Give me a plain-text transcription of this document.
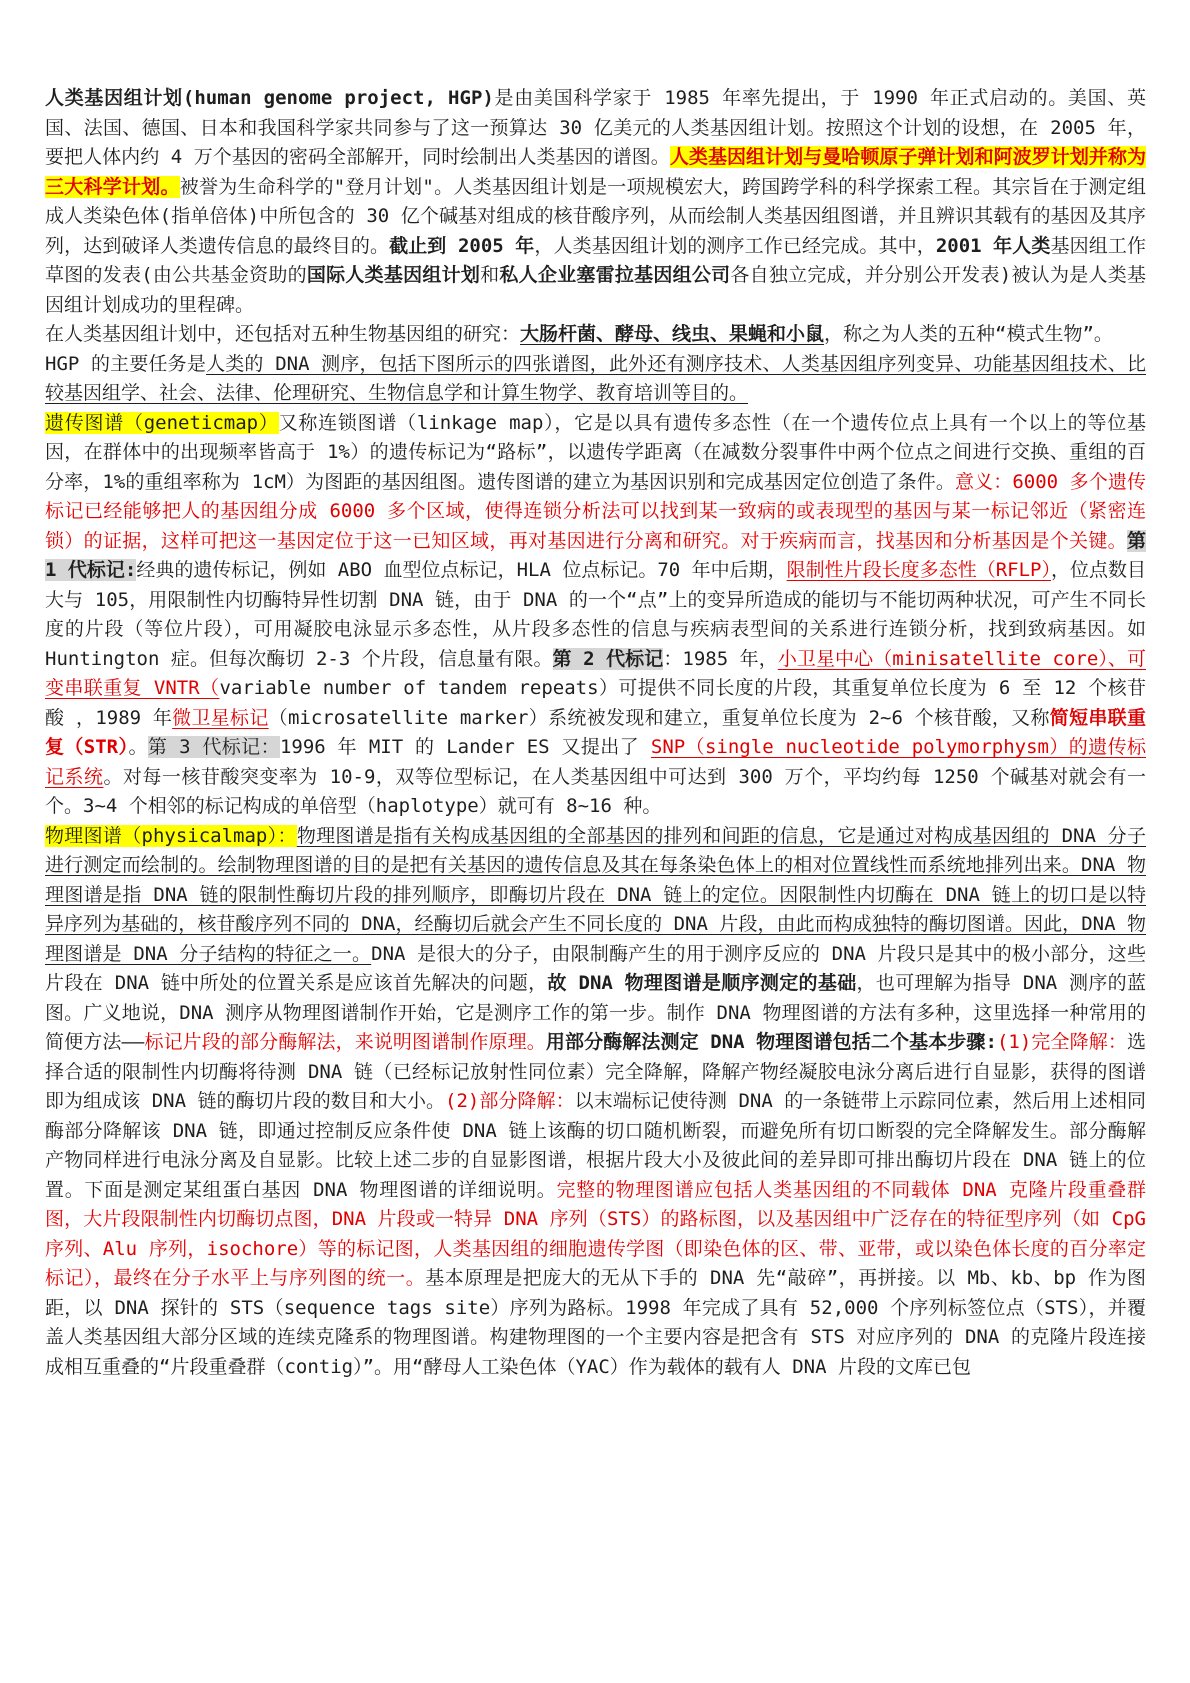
人类基因组计划(human genome project, HGP)是由美国科学家于 1985 年率先提出，于 1990 年正式启动的。美国、英国、法国、德国、日本和我国科学家共同参与了这一预算达 30 亿美元的人类基因组计划。按照这个计划的设想，在 2005 年，要把人体内约 4 万个基因的密码全部解开，同时绘制出人类基因的谱图。人类基因组计划与曼哈顿原子弹计划和阿波罗计划并称为三大科学计划。被誉为生命科学的"登月计划"。人类基因组计划是一项规模宏大，跨国跨学科的科学探索工程。其宗旨在于测定组成人类染色体(指单倍体)中所包含的 30 亿个碱基对组成的核苷酸序列，从而绘制人类基因组图谱，并且辨识其载有的基因及其序列，达到破译人类遗传信息的最终目的。截止到 2005 年，人类基因组计划的测序工作已经完成。其中，2001 年人类基因组工作草图的发表(由公共基金资助的国际人类基因组计划和私人企业塞雷拉基因组公司各自独立完成，并分别公开发表)被认为是人类基因组计划成功的里程碑。

在人类基因组计划中，还包括对五种生物基因组的研究：大肠杆菌、酵母、线虫、果蝇和小鼠，称之为人类的五种“模式生物”。

HGP 的主要任务是人类的 DNA 测序，包括下图所示的四张谱图，此外还有测序技术、人类基因组序列变异、功能基因组技术、比较基因组学、社会、法律、伦理研究、生物信息学和计算生物学、教育培训等目的。

遗传图谱（geneticmap）又称连锁图谱（linkage map），它是以具有遗传多态性（在一个遗传位点上具有一个以上的等位基因，在群体中的出现频率皆高于 1%）的遗传标记为“路标”，以遗传学距离（在减数分裂事件中两个位点之间进行交换、重组的百分率，1%的重组率称为 1cM）为图距的基因组图。遗传图谱的建立为基因识别和完成基因定位创造了条件。意义：6000 多个遗传标记已经能够把人的基因组分成 6000 多个区域，使得连锁分析法可以找到某一致病的或表现型的基因与某一标记邻近（紧密连锁）的证据，这样可把这一基因定位于这一已知区域，再对基因进行分离和研究。对于疾病而言，找基因和分析基因是个关键。第 1 代标记:经典的遗传标记，例如 ABO 血型位点标记，HLA 位点标记。70 年中后期，限制性片段长度多态性（RFLP），位点数目大与 105，用限制性内切酶特异性切割 DNA 链，由于 DNA 的一个“点”上的变异所造成的能切与不能切两种状况，可产生不同长度的片段（等位片段），可用凝胶电泳显示多态性，从片段多态性的信息与疾病表型间的关系进行连锁分析，找到致病基因。如 Huntington 症。但每次酶切 2-3 个片段，信息量有限。第 2 代标记：1985 年，小卫星中心（minisatellite core）、可变串联重复 VNTR（variable number of tandem repeats）可提供不同长度的片段，其重复单位长度为 6 至 12 个核苷酸 ，1989 年微卫星标记（microsatellite marker）系统被发现和建立，重复单位长度为 2~6 个核苷酸，又称简短串联重复（STR）。第 3 代标记：1996 年 MIT 的 Lander ES 又提出了 SNP（single nucleotide polymorphysm）的遗传标记系统。对每一核苷酸突变率为 10-9，双等位型标记，在人类基因组中可达到 300 万个，平均约每 1250 个碱基对就会有一个。3~4 个相邻的标记构成的单倍型（haplotype）就可有 8~16 种。

物理图谱（physicalmap）：物理图谱是指有关构成基因组的全部基因的排列和间距的信息，它是通过对构成基因组的 DNA 分子进行测定而绘制的。绘制物理图谱的目的是把有关基因的遗传信息及其在每条染色体上的相对位置线性而系统地排列出来。DNA 物理图谱是指 DNA 链的限制性酶切片段的排列顺序，即酶切片段在 DNA 链上的定位。因限制性内切酶在 DNA 链上的切口是以特异序列为基础的，核苷酸序列不同的 DNA，经酶切后就会产生不同长度的 DNA 片段，由此而构成独特的酶切图谱。因此，DNA 物理图谱是 DNA 分子结构的特征之一。DNA 是很大的分子，由限制酶产生的用于测序反应的 DNA 片段只是其中的极小部分，这些片段在 DNA 链中所处的位置关系是应该首先解决的问题，故 DNA 物理图谱是顺序测定的基础，也可理解为指导 DNA 测序的蓝图。广义地说，DNA 测序从物理图谱制作开始，它是测序工作的第一步。制作 DNA 物理图谱的方法有多种，这里选择一种常用的简便方法——标记片段的部分酶解法，来说明图谱制作原理。用部分酶解法测定 DNA 物理图谱包括二个基本步骤:(1)完全降解：选择合适的限制性内切酶将待测 DNA 链（已经标记放射性同位素）完全降解，降解产物经凝胶电泳分离后进行自显影，获得的图谱即为组成该 DNA 链的酶切片段的数目和大小。(2)部分降解：以末端标记使待测 DNA 的一条链带上示踪同位素，然后用上述相同酶部分降解该 DNA 链，即通过控制反应条件使 DNA 链上该酶的切口随机断裂，而避免所有切口断裂的完全降解发生。部分酶解产物同样进行电泳分离及自显影。比较上述二步的自显影图谱，根据片段大小及彼此间的差异即可排出酶切片段在 DNA 链上的位置。下面是测定某组蛋白基因 DNA 物理图谱的详细说明。完整的物理图谱应包括人类基因组的不同载体 DNA 克隆片段重叠群图，大片段限制性内切酶切点图，DNA 片段或一特异 DNA 序列（STS）的路标图，以及基因组中广泛存在的特征型序列（如 CpG 序列、Alu 序列，isochore）等的标记图，人类基因组的细胞遗传学图（即染色体的区、带、亚带，或以染色体长度的百分率定标记），最终在分子水平上与序列图的统一。基本原理是把庞大的无从下手的 DNA 先“敲碎”，再拼接。以 Mb、kb、bp 作为图距，以 DNA 探针的 STS（sequence tags site）序列为路标。1998 年完成了具有 52,000 个序列标签位点（STS），并覆盖人类基因组大部分区域的连续克隆系的物理图谱。构建物理图的一个主要内容是把含有 STS 对应序列的 DNA 的克隆片段连接成相互重叠的“片段重叠群（contig）”。用“酵母人工染色体（YAC）作为载体的载有人 DNA 片段的文库已包
